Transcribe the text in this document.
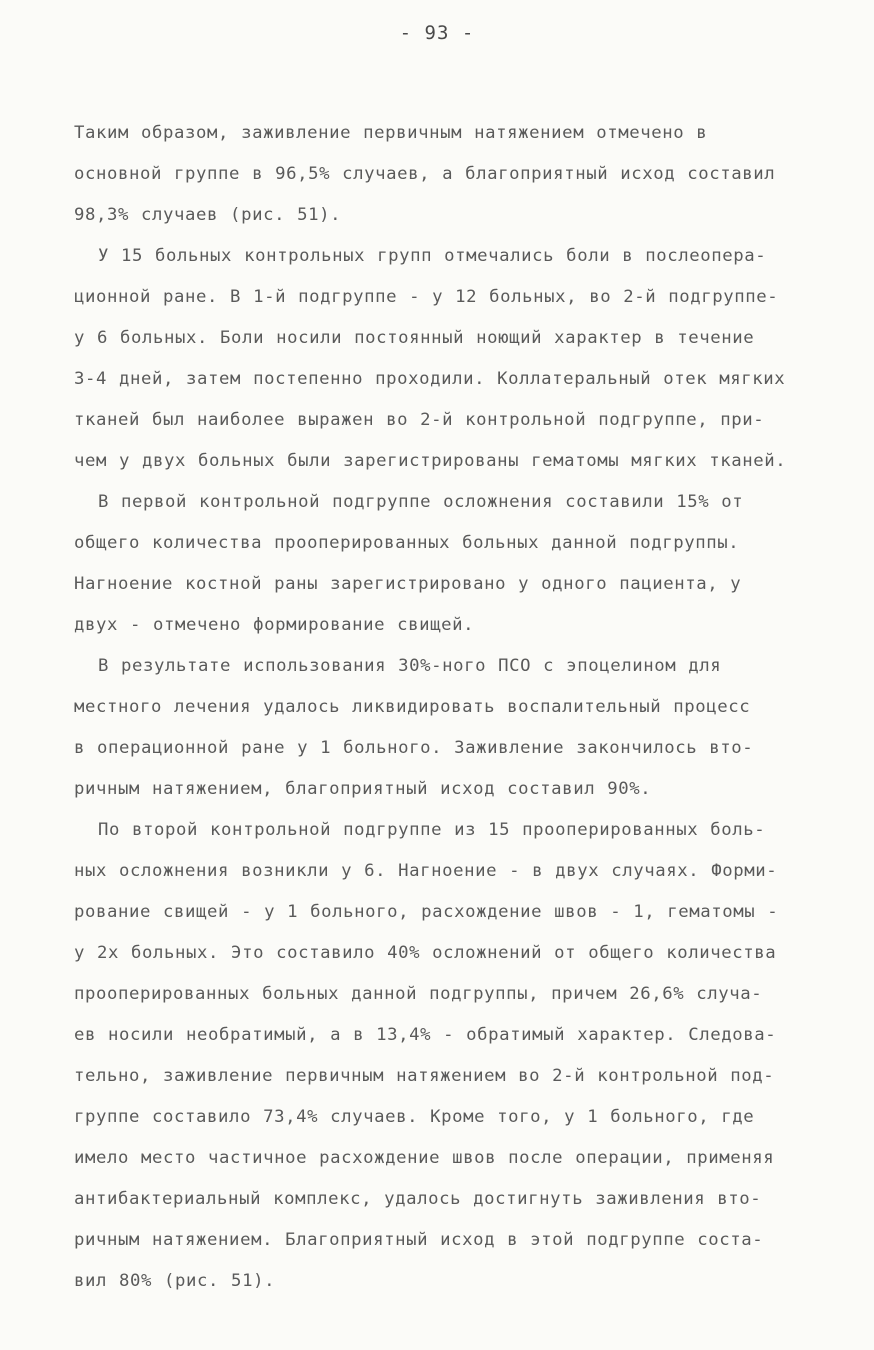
- 93 -
Таким образом, заживление первичным натяжением отмечено в
основной группе в 96,5% случаев, а благоприятный исход составил
98,3% случаев (рис. 51).
У 15 больных контрольных групп отмечались боли в послеопера-
ционной ране. В 1-й подгруппе - у 12 больных, во 2-й подгруппе-
у 6 больных. Боли носили постоянный ноющий характер в течение
3-4 дней, затем постепенно проходили. Коллатеральный отек мягких
тканей был наиболее выражен во 2-й контрольной подгруппе, при-
чем у двух больных были зарегистрированы гематомы мягких тканей.
В первой контрольной подгруппе осложнения составили 15% от
общего количества прооперированных больных данной подгруппы.
Нагноение костной раны зарегистрировано у одного пациента, у
двух - отмечено формирование свищей.
В результате использования 30%-ного ПСО с эпоцелином для
местного лечения удалось ликвидировать воспалительный процесс
в операционной ране у 1 больного. Заживление закончилось вто-
ричным натяжением, благоприятный исход составил 90%.
По второй контрольной подгруппе из 15 прооперированных боль-
ных осложнения возникли у 6. Нагноение - в двух случаях. Форми-
рование свищей - у 1 больного, расхождение швов - 1, гематомы -
у 2х больных. Это составило 40% осложнений от общего количества
прооперированных больных данной подгруппы, причем 26,6% случа-
ев носили необратимый, а в 13,4% - обратимый характер. Следова-
тельно, заживление первичным натяжением во 2-й контрольной под-
группе составило 73,4% случаев. Кроме того, у 1 больного, где
имело место частичное расхождение швов после операции, применяя
антибактериальный комплекс, удалось достигнуть заживления вто-
ричным натяжением. Благоприятный исход в этой подгруппе соста-
вил 80% (рис. 51).
